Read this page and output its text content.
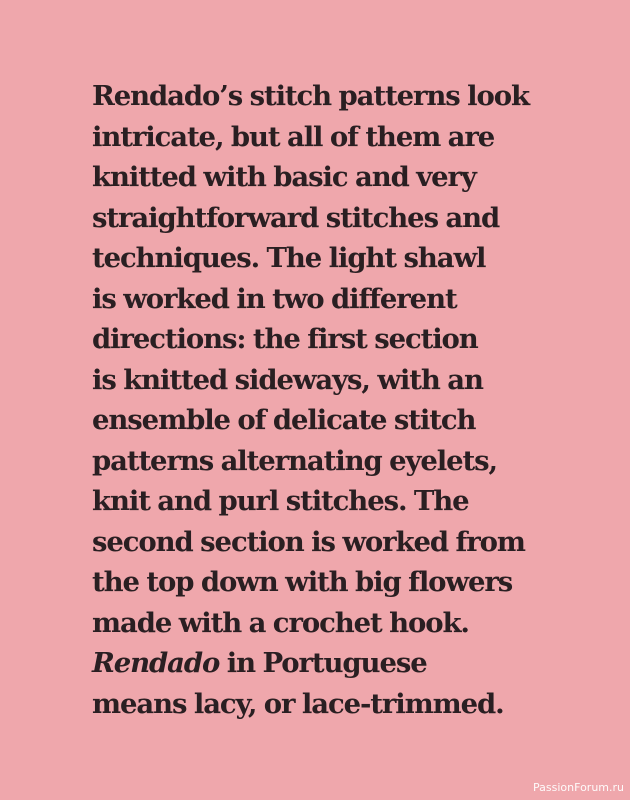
Rendado’s stitch patterns look
intricate, but all of them are
knitted with basic and very
straightforward stitches and
techniques. The light shawl
is worked in two different
directions: the first section
is knitted sideways, with an
ensemble of delicate stitch
patterns alternating eyelets,
knit and purl stitches. The
second section is worked from
the top down with big flowers
made with a crochet hook.
Rendado in Portuguese
means lacy, or lace-trimmed.
PassionForum.ru
